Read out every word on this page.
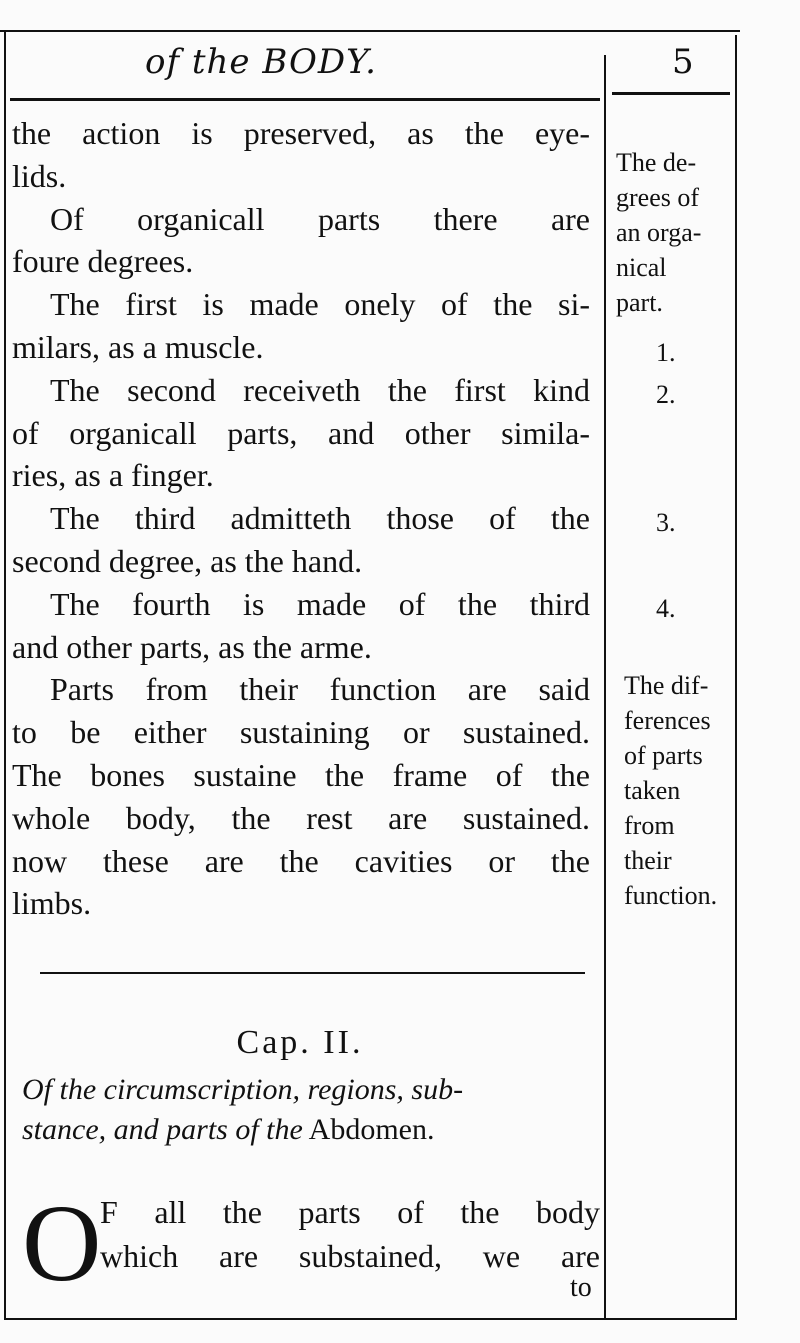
of the BODY.	5
the action is preserved, as the eye-
lids.
Of organicall parts there are
foure degrees.
The first is made onely of the si-
milars, as a muscle.
The second receiveth the first kind
of organicall parts, and other simila-
ries, as a finger.
The third admitteth those of the
second degree, as the hand.
The fourth is made of the third
and other parts, as the arme.
Parts from their function are said
to be either sustaining or sustained.
The bones sustaine the frame of the
whole body, the rest are sustained.
now these are the cavities or the
limbs.
The de-
grees of
an orga-
nical
part.
1.
2.
3.
4.
The dif-
ferences
of parts
taken
from
their
function.
Cap. II.
Of the circumscription, regions, sub-
stance, and parts of the Abdomen.
O
F all the parts of the body
which are substained, we are
to
